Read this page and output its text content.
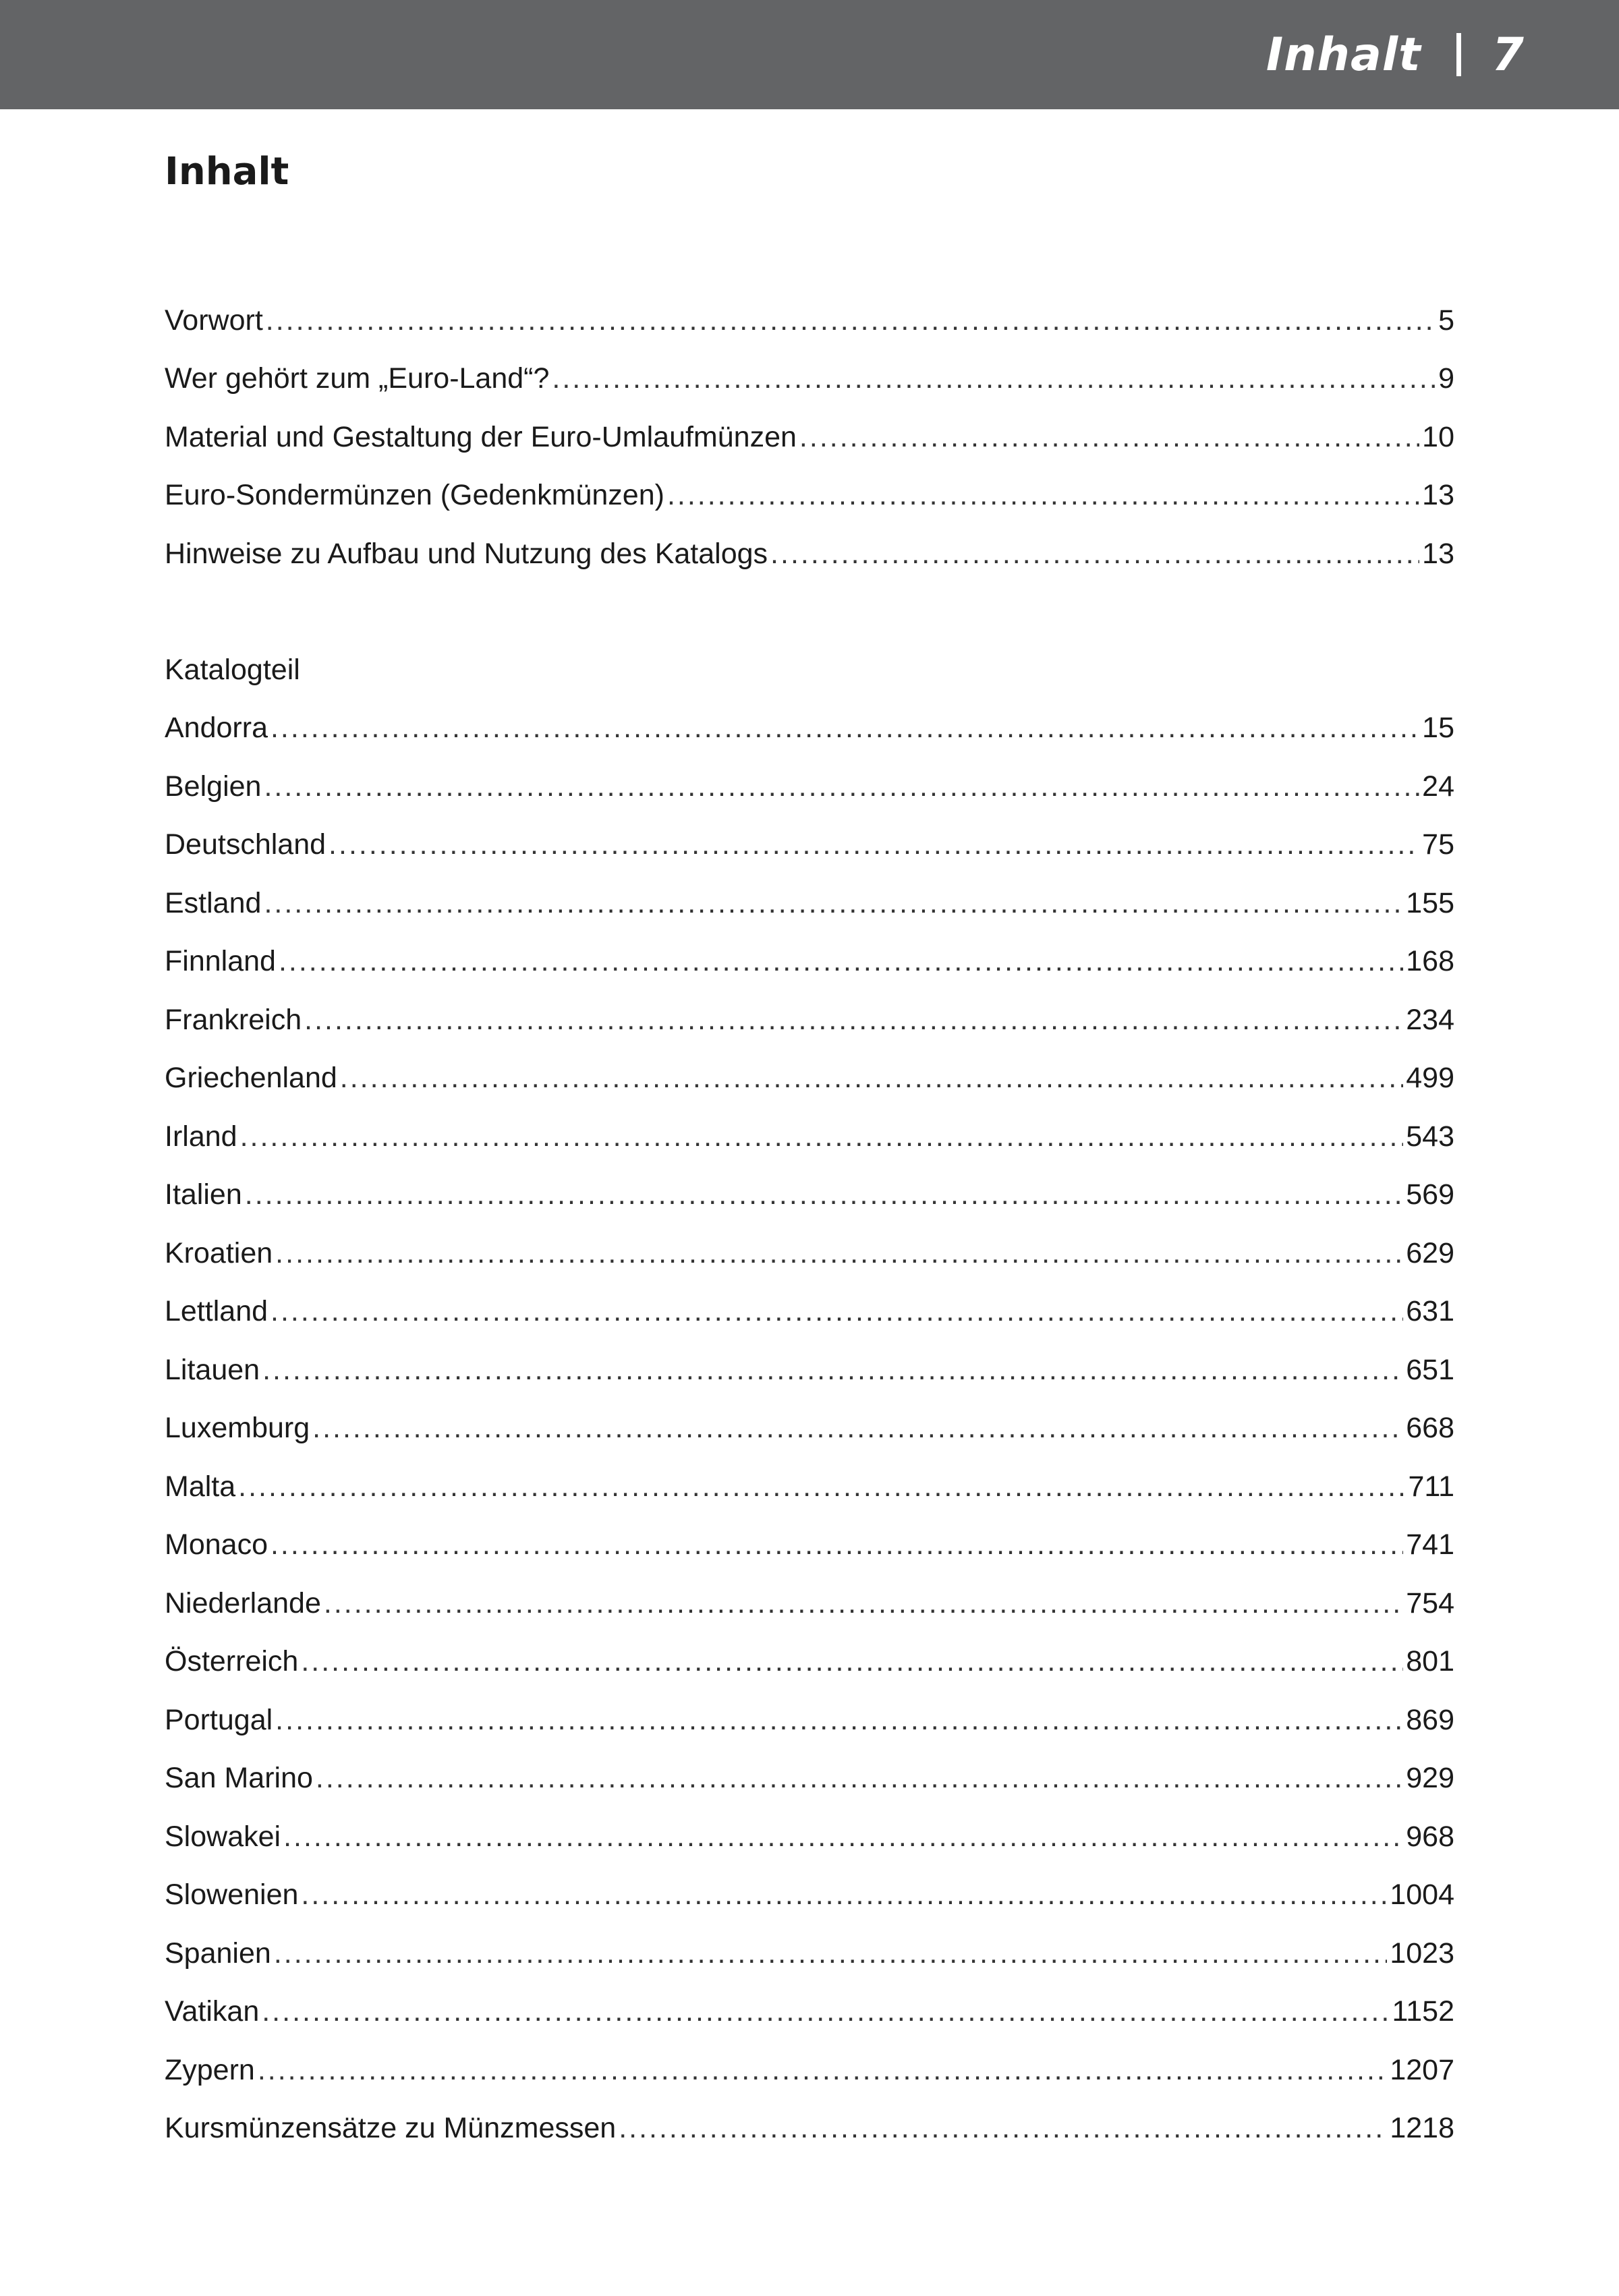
Inhalt 7
Inhalt
Vorwort .....	5
Wer gehört zum „Euro-Land“? .....	9
Material und Gestaltung der Euro-Umlaufmünzen .....	10
Euro-Sondermünzen (Gedenkmünzen) .....	13
Hinweise zu Aufbau und Nutzung des Katalogs .....	13
Katalogteil
Andorra .....	15
Belgien .....	24
Deutschland .....	75
Estland .....	155
Finnland .....	168
Frankreich .....	234
Griechenland .....	499
Irland .....	543
Italien .....	569
Kroatien .....	629
Lettland .....	631
Litauen .....	651
Luxemburg .....	668
Malta .....	711
Monaco .....	741
Niederlande .....	754
Österreich .....	801
Portugal .....	869
San Marino .....	929
Slowakei .....	968
Slowenien .....	1004
Spanien .....	1023
Vatikan .....	1152
Zypern .....	1207
Kursmünzensätze zu Münzmessen .....	1218
